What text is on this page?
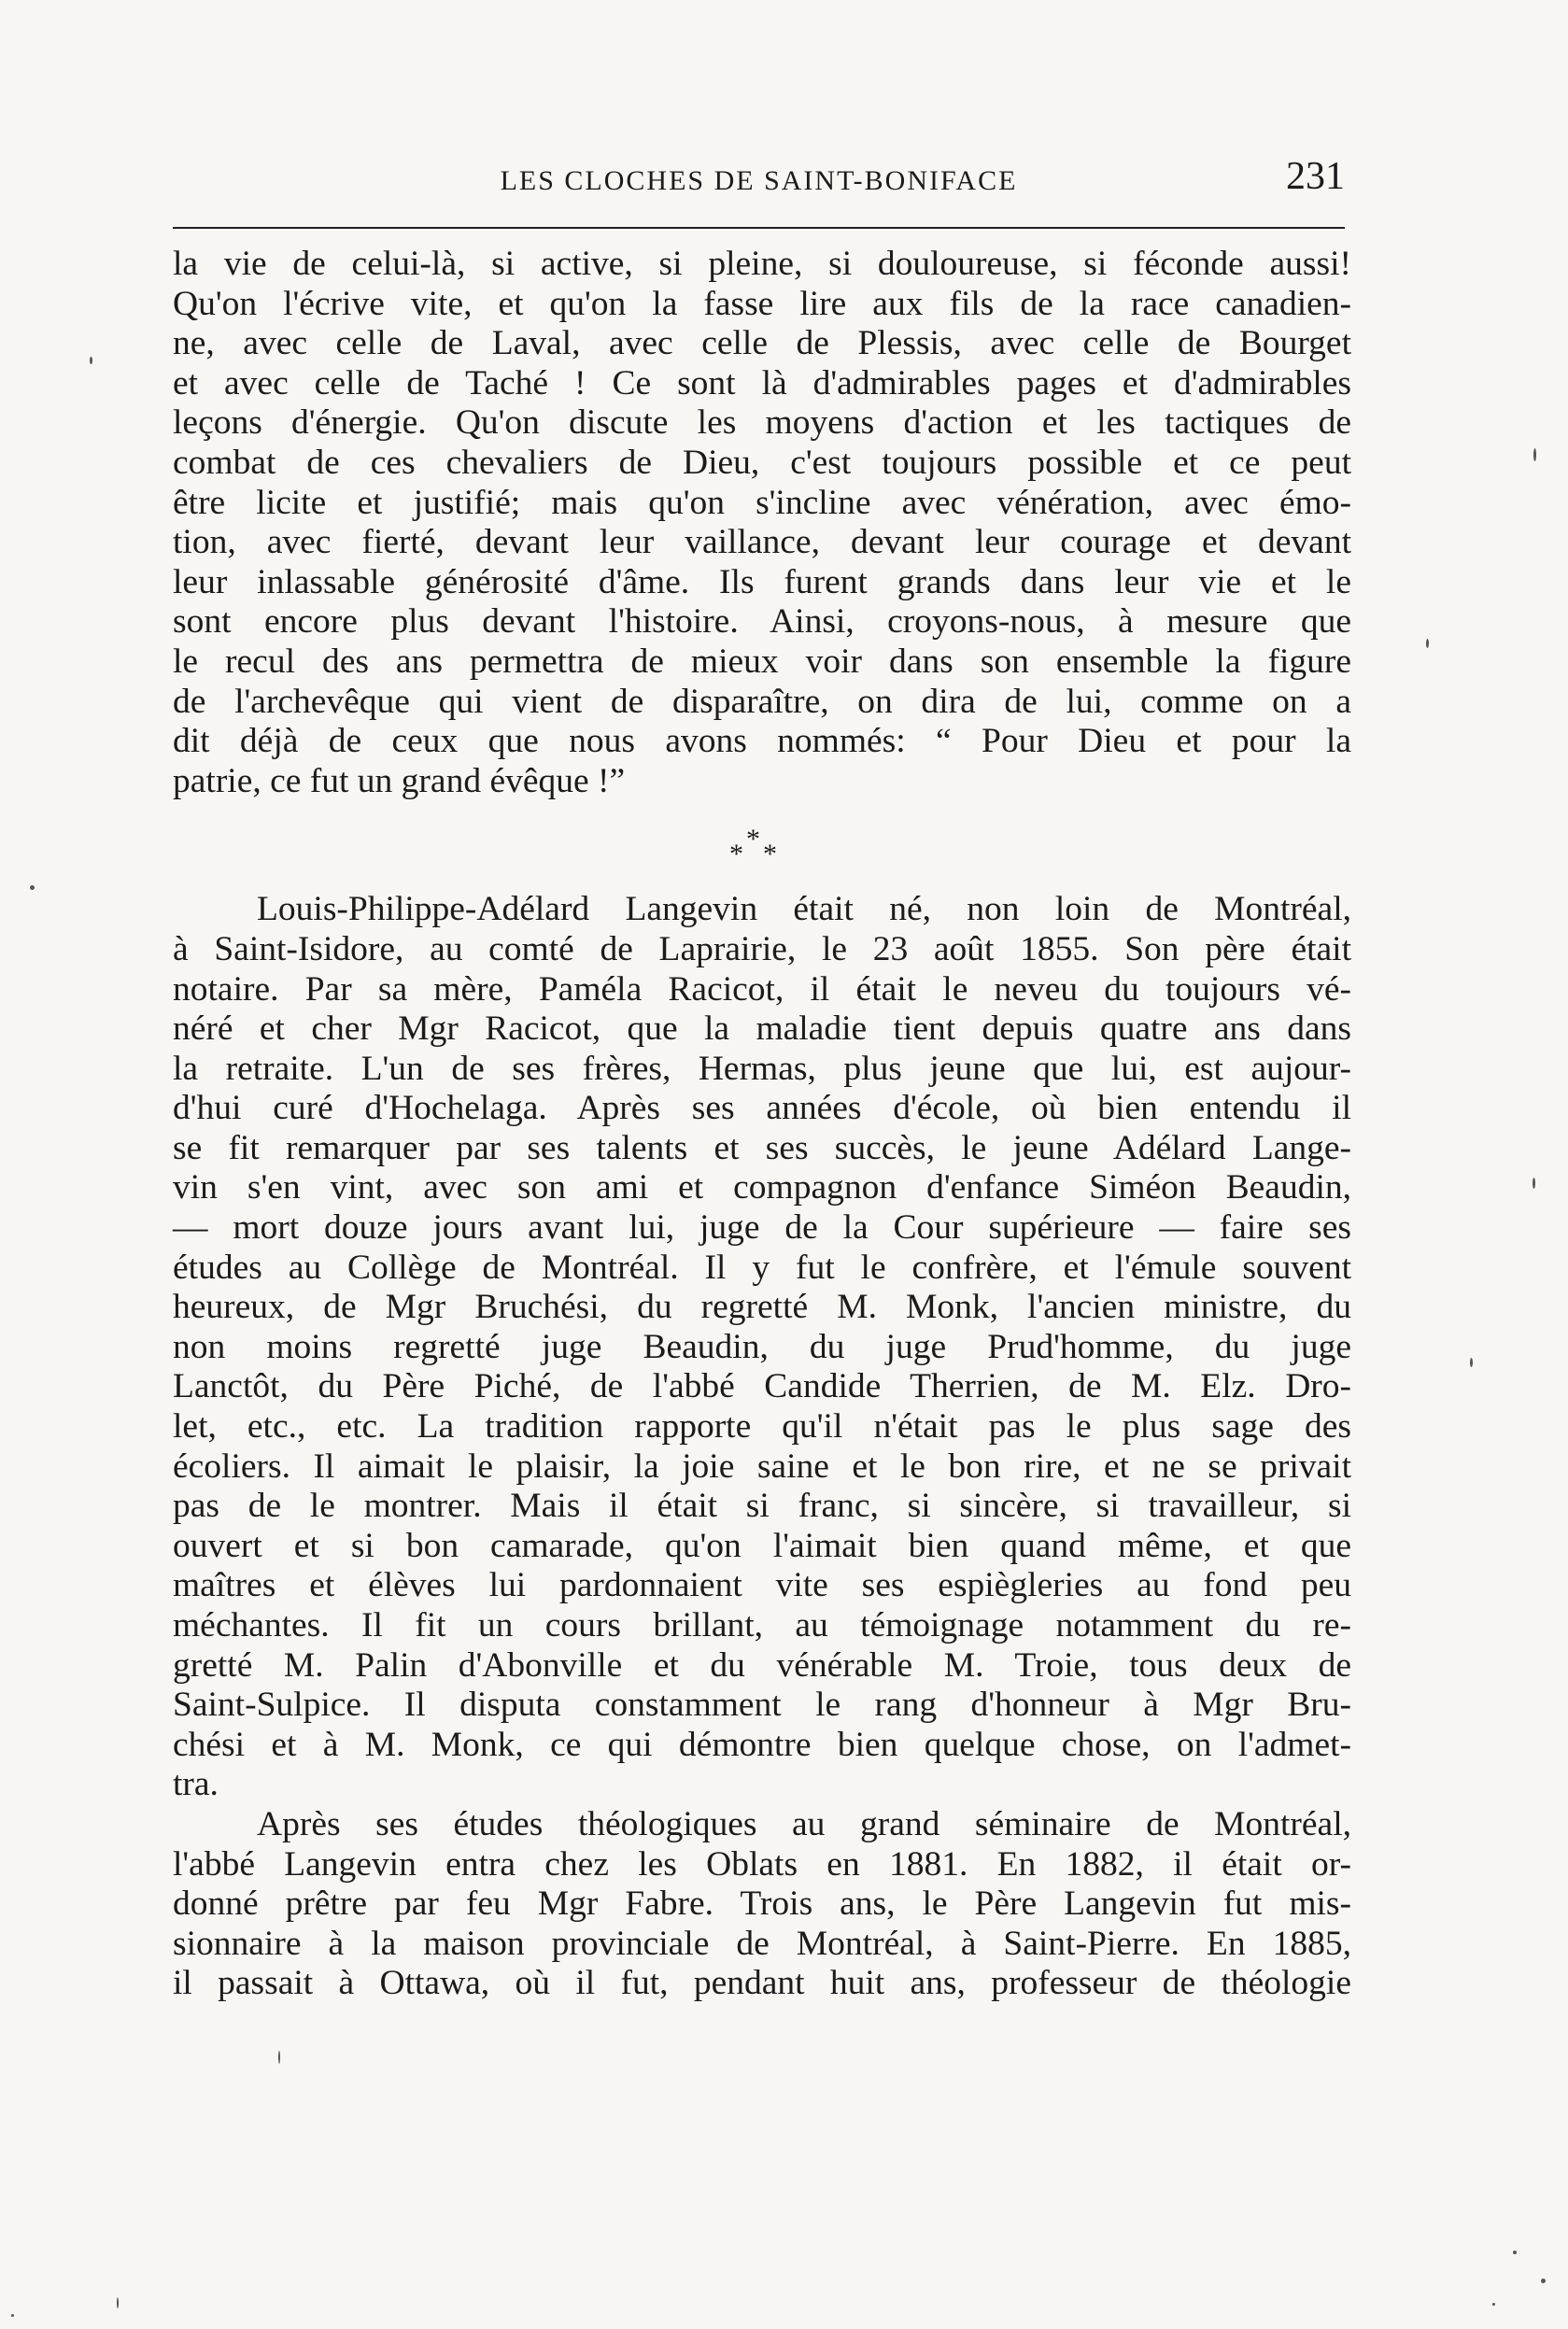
LES CLOCHES DE SAINT-BONIFACE	231
la vie de celui-là, si active, si pleine, si douloureuse, si féconde aussi!
Qu'on l'écrive vite, et qu'on la fasse lire aux fils de la race canadien-
ne, avec celle de Laval, avec celle de Plessis, avec celle de Bourget
et avec celle de Taché ! Ce sont là d'admirables pages et d'admirables
leçons d'énergie. Qu'on discute les moyens d'action et les tactiques de
combat de ces chevaliers de Dieu, c'est toujours possible et ce peut
être licite et justifié; mais qu'on s'incline avec vénération, avec émo-
tion, avec fierté, devant leur vaillance, devant leur courage et devant
leur inlassable générosité d'âme. Ils furent grands dans leur vie et le
sont encore plus devant l'histoire. Ainsi, croyons-nous, à mesure que
le recul des ans permettra de mieux voir dans son ensemble la figure
de l'archevêque qui vient de disparaître, on dira de lui, comme on a
dit déjà de ceux que nous avons nommés: “ Pour Dieu et pour la
patrie, ce fut un grand évêque !”
* * *
Louis-Philippe-Adélard Langevin était né, non loin de Montréal,
à Saint-Isidore, au comté de Laprairie, le 23 août 1855. Son père était
notaire. Par sa mère, Paméla Racicot, il était le neveu du toujours vé-
néré et cher Mgr Racicot, que la maladie tient depuis quatre ans dans
la retraite. L'un de ses frères, Hermas, plus jeune que lui, est aujour-
d'hui curé d'Hochelaga. Après ses années d'école, où bien entendu il
se fit remarquer par ses talents et ses succès, le jeune Adélard Lange-
vin s'en vint, avec son ami et compagnon d'enfance Siméon Beaudin,
— mort douze jours avant lui, juge de la Cour supérieure — faire ses
études au Collège de Montréal. Il y fut le confrère, et l'émule souvent
heureux, de Mgr Bruchési, du regretté M. Monk, l'ancien ministre, du
non moins regretté juge Beaudin, du juge Prud'homme, du juge
Lanctôt, du Père Piché, de l'abbé Candide Therrien, de M. Elz. Dro-
let, etc., etc. La tradition rapporte qu'il n'était pas le plus sage des
écoliers. Il aimait le plaisir, la joie saine et le bon rire, et ne se privait
pas de le montrer. Mais il était si franc, si sincère, si travailleur, si
ouvert et si bon camarade, qu'on l'aimait bien quand même, et que
maîtres et élèves lui pardonnaient vite ses espiègleries au fond peu
méchantes. Il fit un cours brillant, au témoignage notamment du re-
gretté M. Palin d'Abonville et du vénérable M. Troie, tous deux de
Saint-Sulpice. Il disputa constamment le rang d'honneur à Mgr Bru-
chési et à M. Monk, ce qui démontre bien quelque chose, on l'admet-
tra.
Après ses études théologiques au grand séminaire de Montréal,
l'abbé Langevin entra chez les Oblats en 1881. En 1882, il était or-
donné prêtre par feu Mgr Fabre. Trois ans, le Père Langevin fut mis-
sionnaire à la maison provinciale de Montréal, à Saint-Pierre. En 1885,
il passait à Ottawa, où il fut, pendant huit ans, professeur de théologie
